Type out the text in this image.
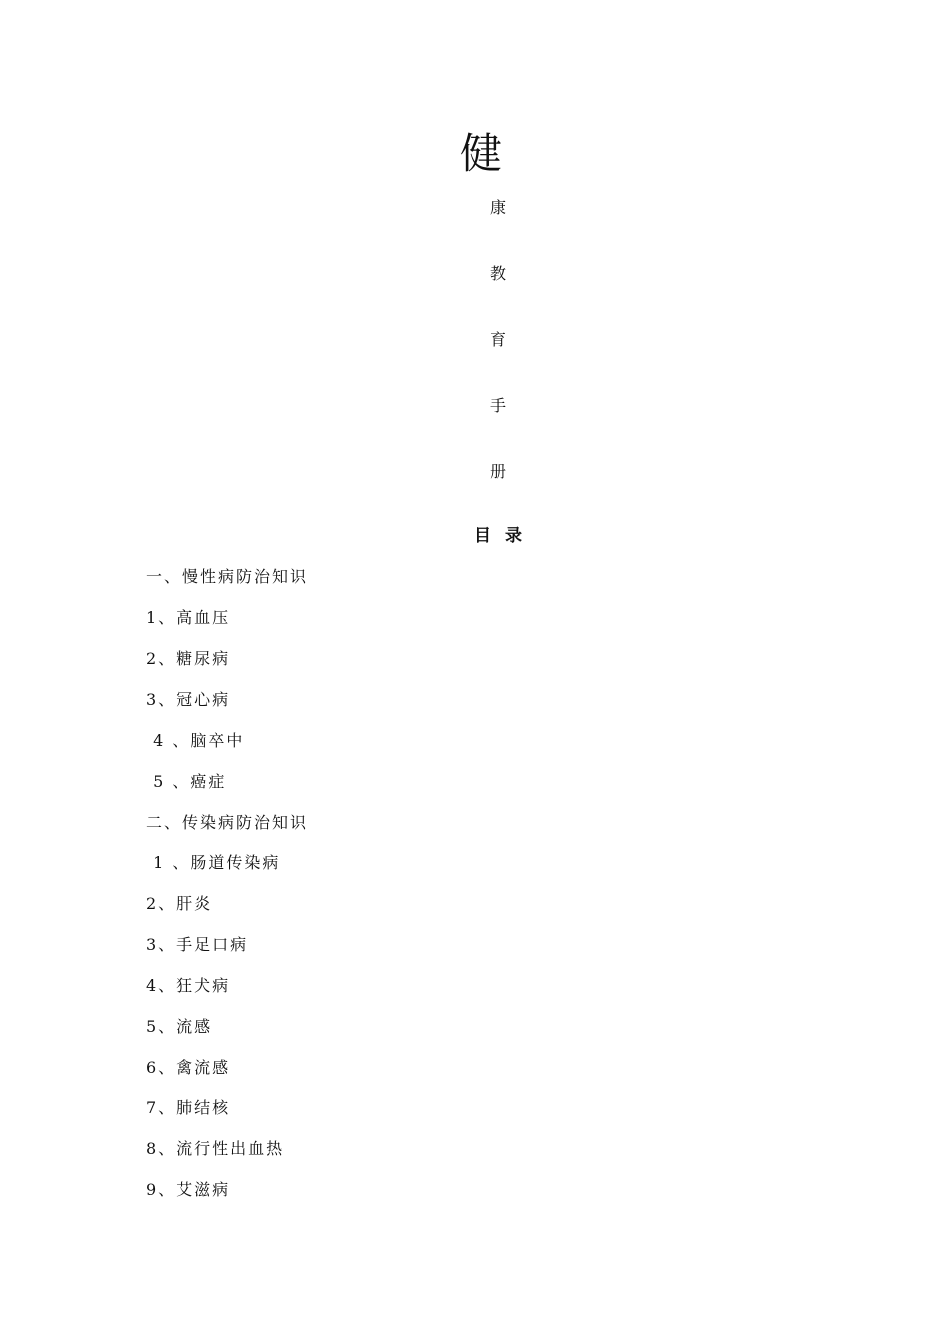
健
康
教
育
手
册
目录
一、慢性病防治知识
1、高血压
2、糖尿病
3、冠心病
4 、脑卒中
5 、癌症
二、传染病防治知识
1 、肠道传染病
2、肝炎
3、手足口病
4、狂犬病
5、流感
6、禽流感
7、肺结核
8、流行性出血热
9、艾滋病
